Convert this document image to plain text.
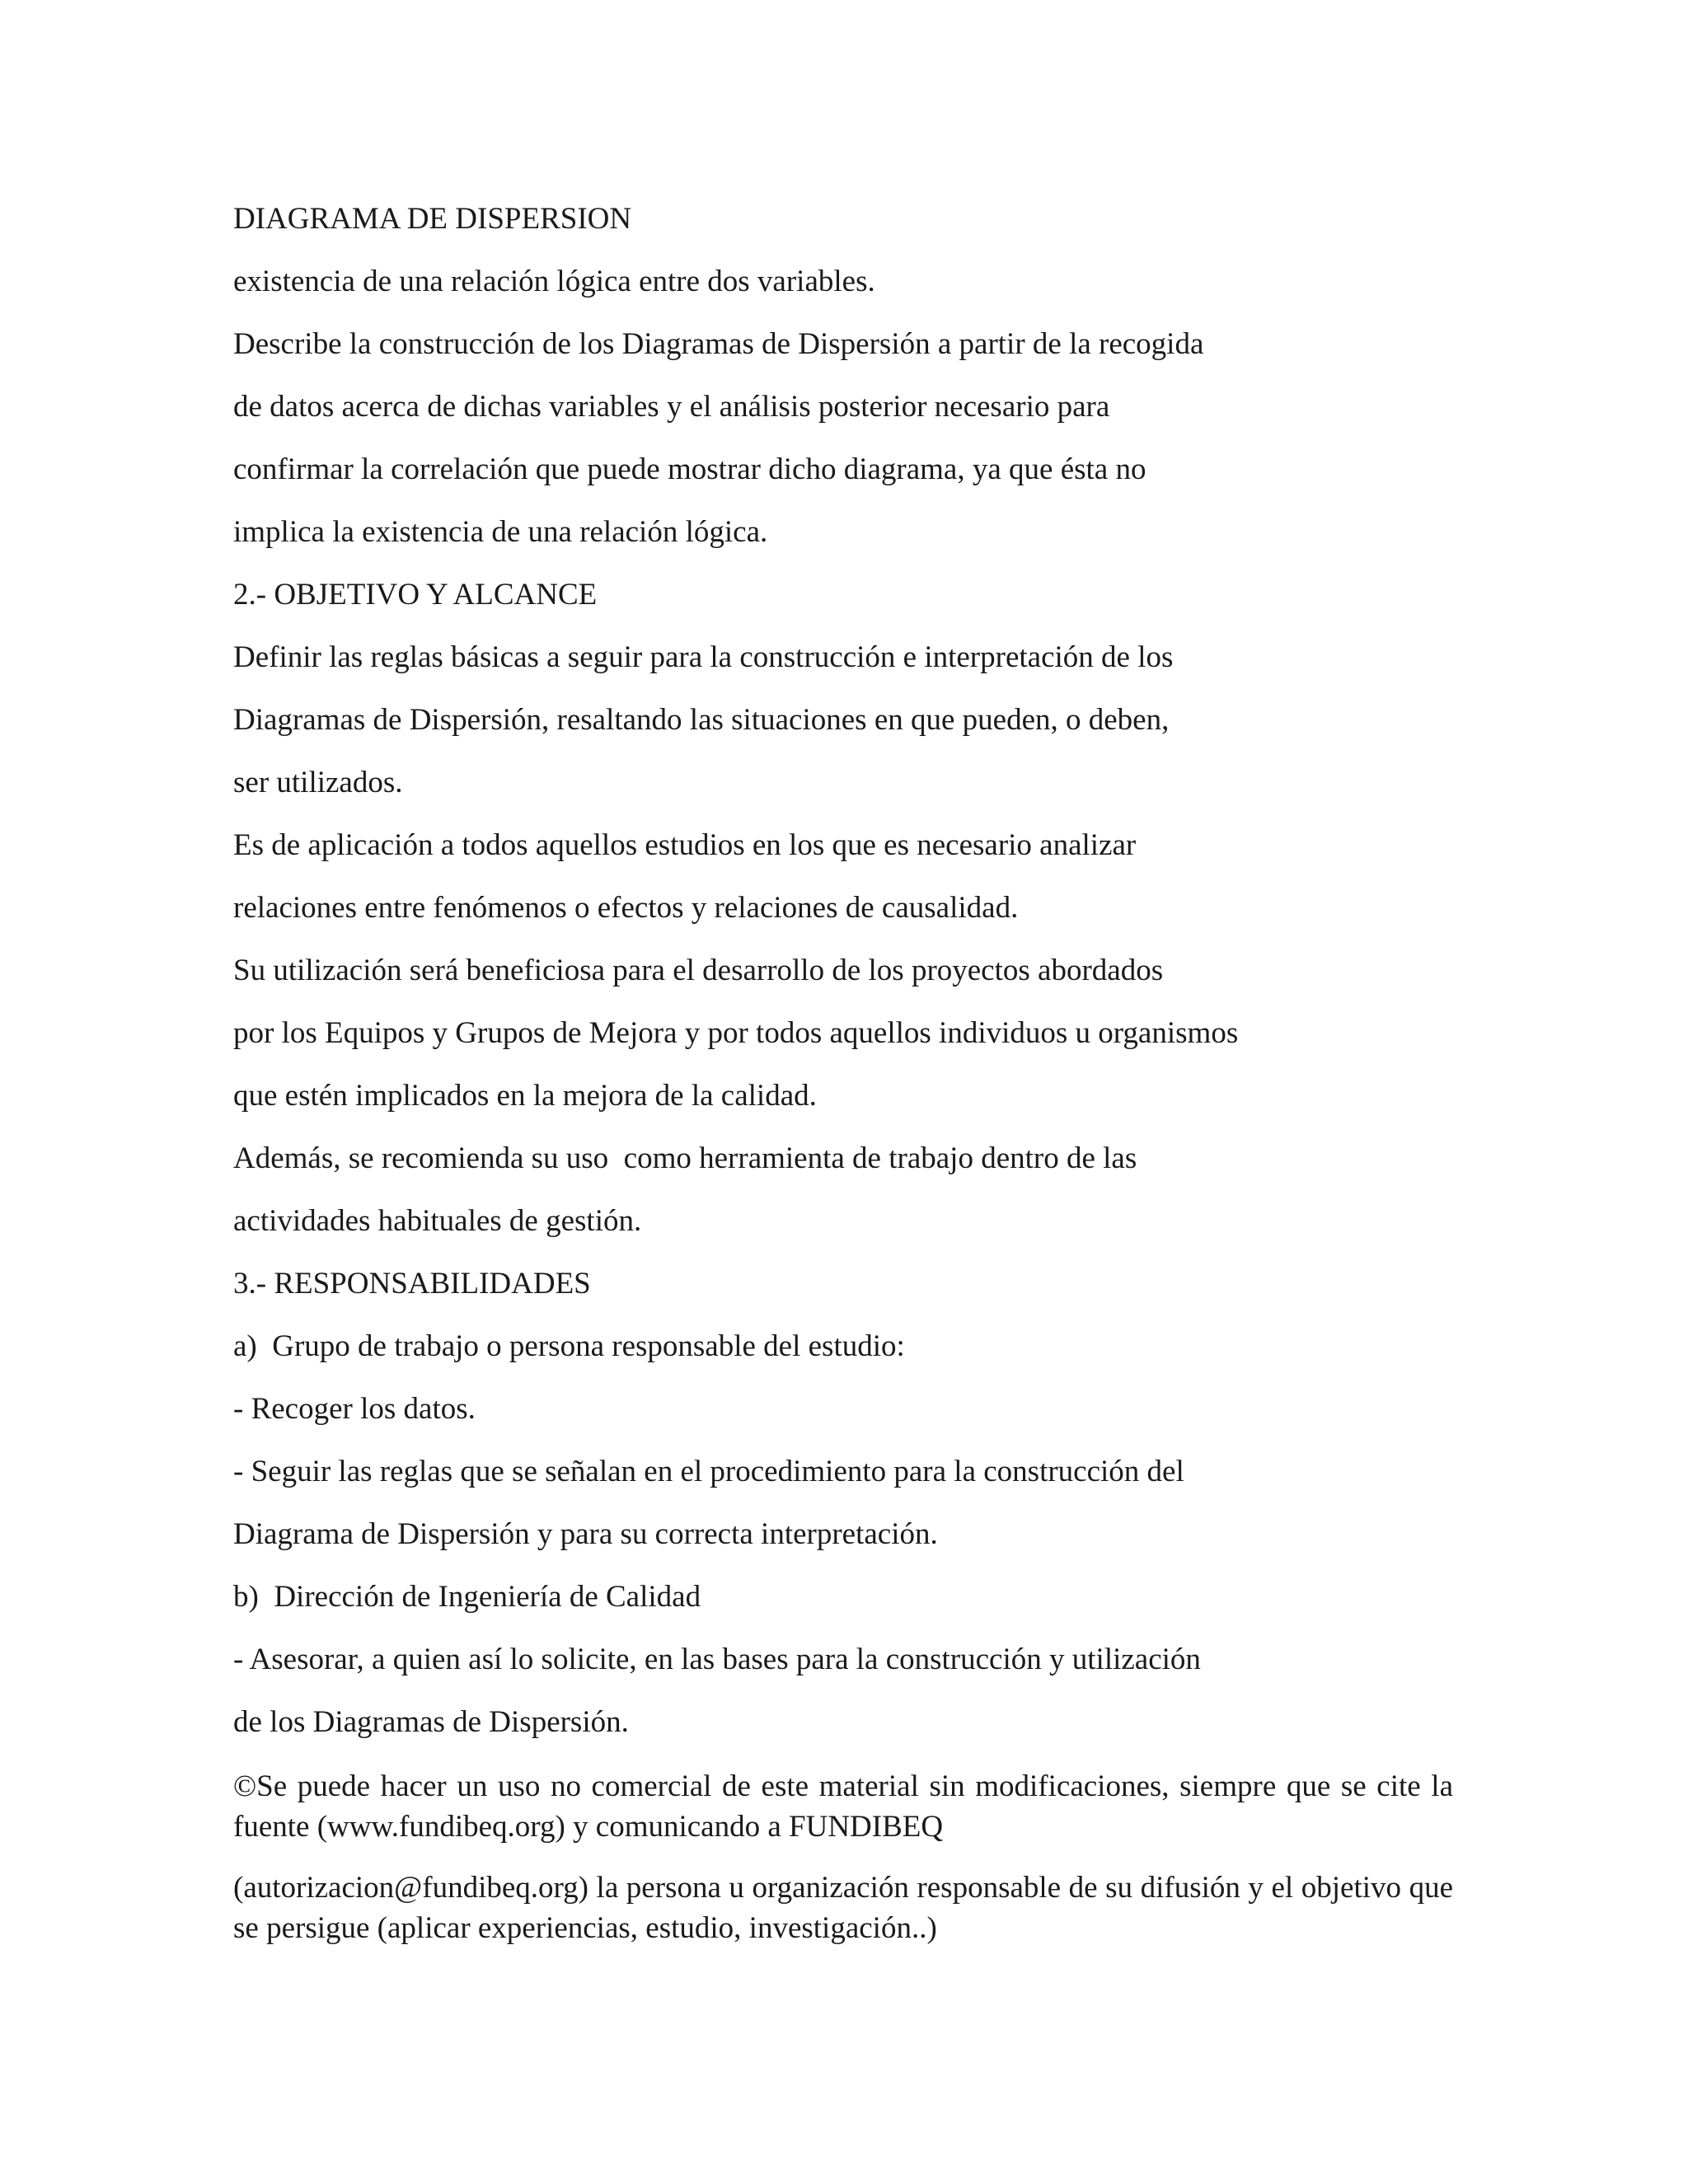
DIAGRAMA DE DISPERSION

existencia de una relación lógica entre dos variables.

Describe la construcción de los Diagramas de Dispersión a partir de la recogida

de datos acerca de dichas variables y el análisis posterior necesario para

confirmar la correlación que puede mostrar dicho diagrama, ya que ésta no

implica la existencia de una relación lógica.

2.- OBJETIVO Y ALCANCE

Definir las reglas básicas a seguir para la construcción e interpretación de los

Diagramas de Dispersión, resaltando las situaciones en que pueden, o deben,

ser utilizados.

Es de aplicación a todos aquellos estudios en los que es necesario analizar

relaciones entre fenómenos o efectos y relaciones de causalidad.

Su utilización será beneficiosa para el desarrollo de los proyectos abordados

por los Equipos y Grupos de Mejora y por todos aquellos individuos u organismos

que estén implicados en la mejora de la calidad.

Además, se recomienda su uso  como herramienta de trabajo dentro de las

actividades habituales de gestión.

3.- RESPONSABILIDADES

a)  Grupo de trabajo o persona responsable del estudio:

- Recoger los datos.

- Seguir las reglas que se señalan en el procedimiento para la construcción del

Diagrama de Dispersión y para su correcta interpretación.

b)  Dirección de Ingeniería de Calidad

- Asesorar, a quien así lo solicite, en las bases para la construcción y utilización

de los Diagramas de Dispersión.

©Se puede hacer un uso no comercial de este material sin modificaciones, siempre que se cite la fuente (www.fundibeq.org) y comunicando a FUNDIBEQ

(autorizacion@fundibeq.org) la persona u organización responsable de su difusión y el objetivo que se persigue (aplicar experiencias, estudio, investigación..)
